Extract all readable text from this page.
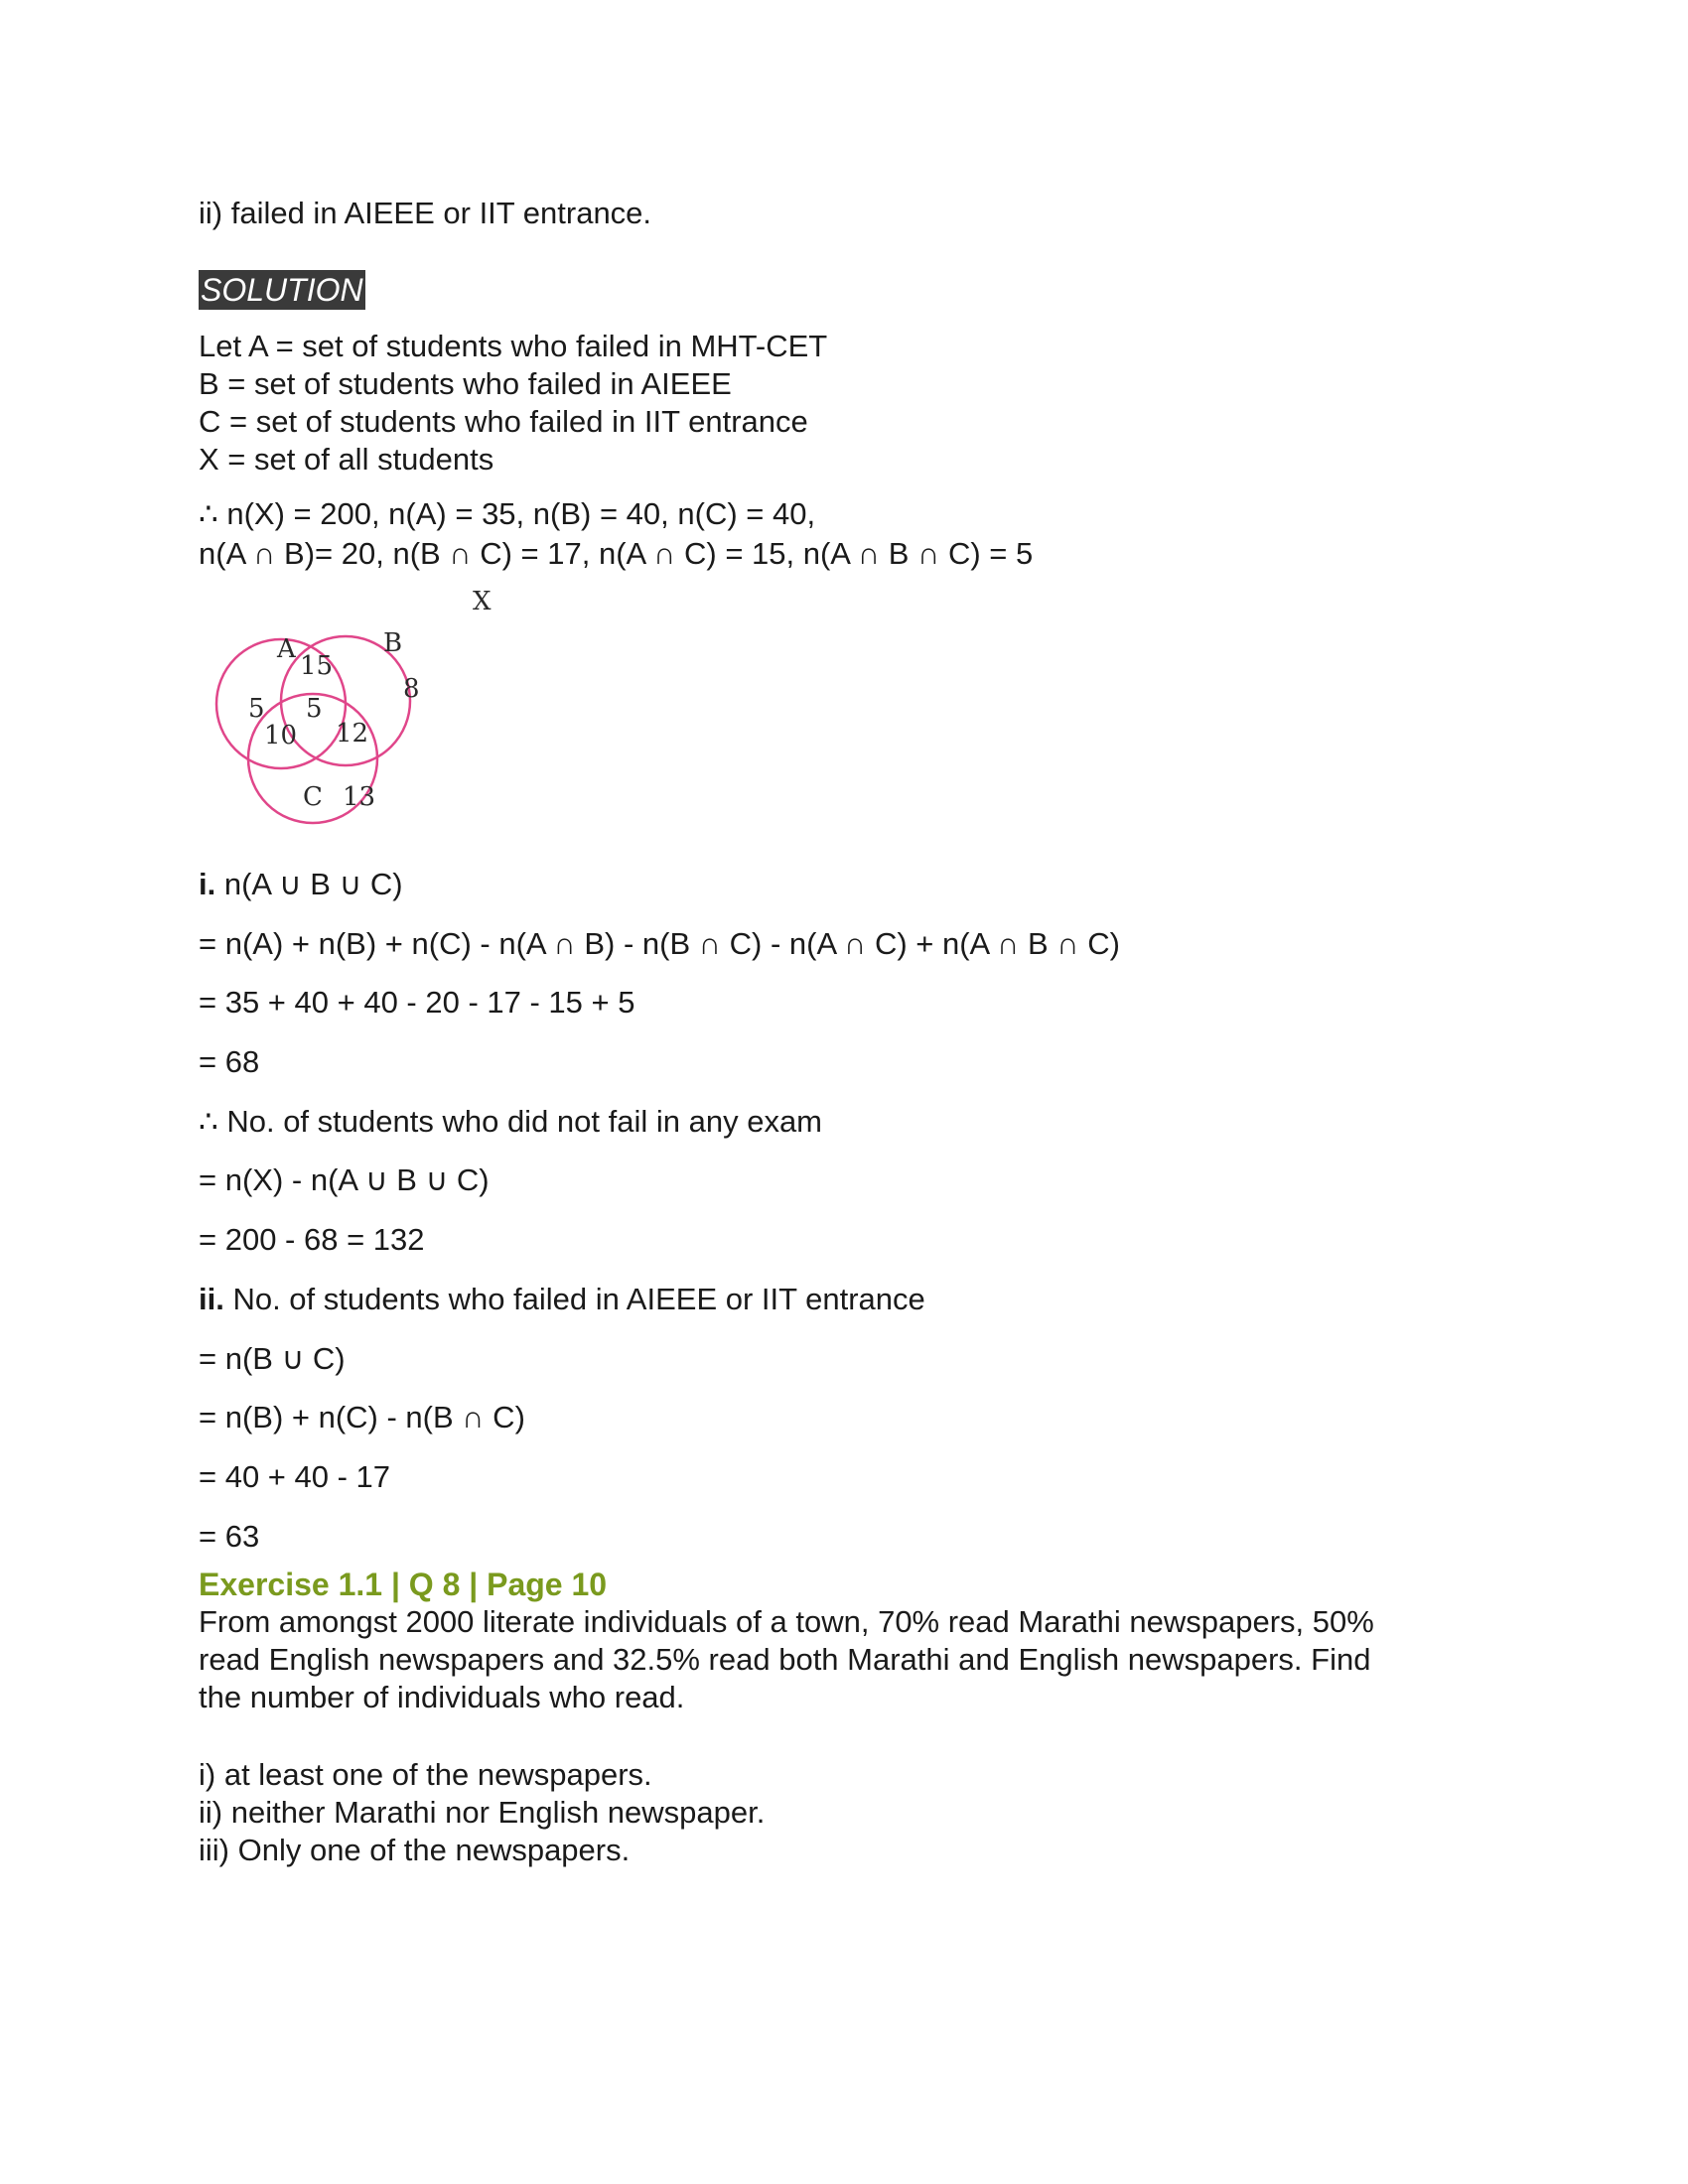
ii) failed in AIEEE or IIT entrance.
SOLUTION
Let A = set of students who failed in MHT-CET
B = set of students who failed in AIEEE
C = set of students who failed in IIT entrance
X = set of all students
∴ n(X) = 200, n(A) = 35, n(B) = 40, n(C) = 40,
n(A ∩ B)= 20, n(B ∩ C) = 17, n(A ∩ C) = 15, n(A ∩ B ∩ C) = 5
X
A	B
C
5
15
8
5
10 12
13
i. n(A ∪ B ∪ C)
= n(A) + n(B) + n(C) - n(A ∩ B) - n(B ∩ C) - n(A ∩ C) + n(A ∩ B ∩ C)
= 35 + 40 + 40 - 20 - 17 - 15 + 5
= 68
∴ No. of students who did not fail in any exam
= n(X) - n(A ∪ B ∪ C)
= 200 - 68 = 132
ii. No. of students who failed in AIEEE or IIT entrance
= n(B ∪ C)
= n(B) + n(C) - n(B ∩ C)
= 40 + 40 - 17
= 63
Exercise 1.1 | Q 8 | Page 10
From amongst 2000 literate individuals of a town, 70% read Marathi newspapers, 50%
read English newspapers and 32.5% read both Marathi and English newspapers. Find
the number of individuals who read.
i) at least one of the newspapers.
ii) neither Marathi nor English newspaper.
iii) Only one of the newspapers.
